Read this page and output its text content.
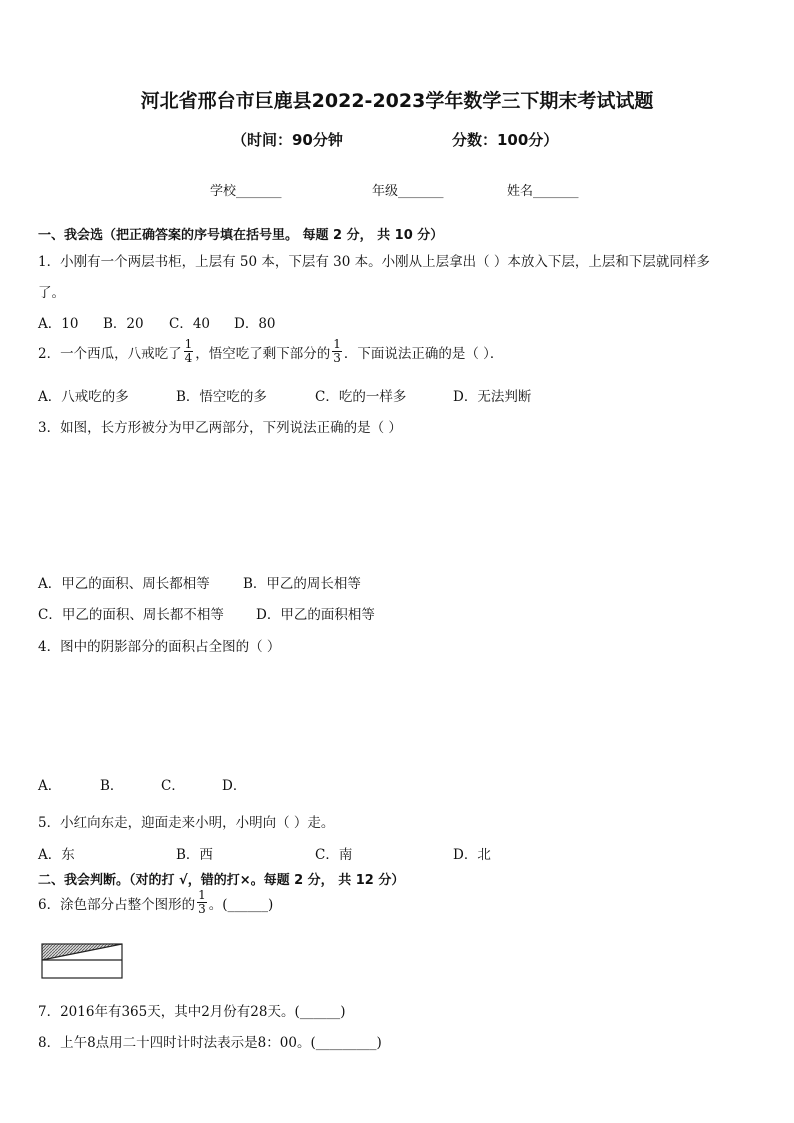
河北省邢台市巨鹿县2022-2023学年数学三下期末考试试题
（时间：90分钟	分数：100分）
学校_______	年级_______	姓名_______
一、我会选（把正确答案的序号填在括号里。 每题 2 分， 共 10 分）
1．小刚有一个两层书柜，上层有 50 本，下层有 30 本。小刚从上层拿出（ ）本放入下层，上层和下层就同样多
了。
A．10 B．20 C．40 D．80
2．一个西瓜，八戒吃了 $\frac{1}{4}$ ，悟空吃了剩下部分的 $\frac{1}{3}$ ．下面说法正确的是（ ）．
A．八戒吃的多	B．悟空吃的多	C．吃的一样多	D．无法判断
3．如图，长方形被分为甲乙两部分，下列说法正确的是（ ）
A．甲乙的面积、周长都相等 B．甲乙的周长相等
C．甲乙的面积、周长都不相等 D．甲乙的面积相等
4．图中的阴影部分的面积占全图的（ ）
A．	B．	C．	D．
5．小红向东走，迎面走来小明，小明向（ ）走。
A．东	B．西	C．南	D．北
二、我会判断。（对的打 √，错的打×。每题 2 分， 共 12 分）
6．涂色部分占整个图形的 $\frac{1}{3}$ 。(______)
7．2016年有365天，其中2月份有28天。(______)
8．上午8点用二十四时计时法表示是8：00。(_________)
